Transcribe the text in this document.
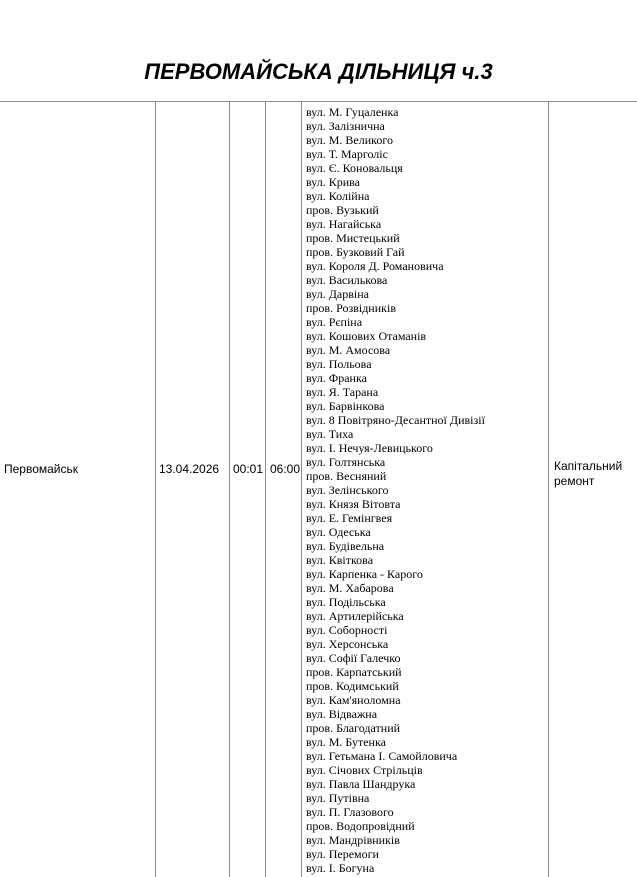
ПЕРВОМАЙСЬКА ДІЛЬНИЦЯ ч.3
Первомайськ	13.04.2026 00:01 06:00
вул. М. Гуцаленка
вул. Залізнична
вул. М. Великого
вул. Т. Марголіс
вул. Є. Коновальця
вул. Крива
вул. Колійна
пров. Вузький
вул. Нагайська
пров. Мистецький
пров. Бузковий Гай
вул. Короля Д. Романовича
вул. Василькова
вул. Дарвіна
пров. Розвідників
вул. Рєпіна
вул. Кошових Отаманів
вул. М. Амосова
вул. Польова
вул. Франка
вул. Я. Тарана
вул. Барвінкова
вул. 8 Повітряно-Десантної Дивізії
вул. Тиха
вул. І. Нечуя-Левицького
вул. Голтянська
пров. Весняний
вул. Зелінського
вул. Князя Вітовта
вул. Е. Гемінгвея
вул. Одеська
вул. Будівельна
вул. Квіткова
вул. Карпенка - Карого
вул. М. Хабарова
вул. Подільська
вул. Артилерійська
вул. Соборності
вул. Херсонська
вул. Софії Галечко
пров. Карпатський
пров. Кодимський
вул. Кам'яноломна
вул. Відважна
пров. Благодатний
вул. М. Бутенка
вул. Гетьмана І. Самойловича
вул. Січових Стрільців
вул. Павла Шандрука
вул. Путівна
вул. П. Глазового
пров. Водопровідний
вул. Мандрівників
вул. Перемоги
вул. І. Богуна
Капітальний ремонт
